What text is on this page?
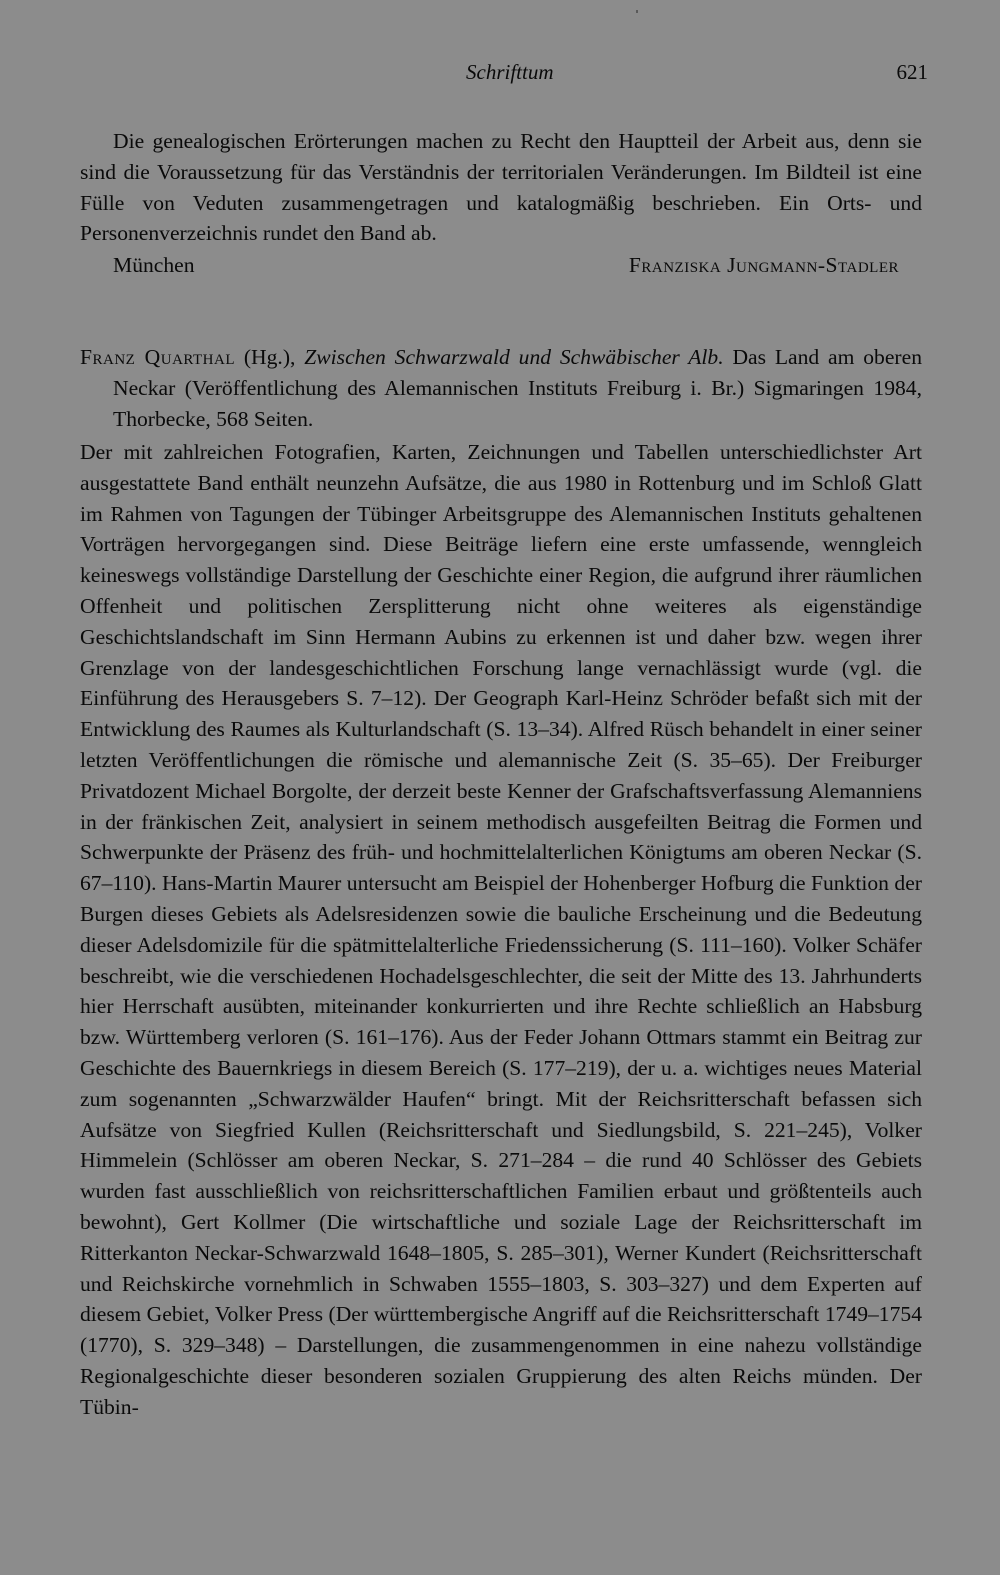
Schrifttum	621

Die genealogischen Erörterungen machen zu Recht den Hauptteil der Arbeit aus, denn sie sind die Voraussetzung für das Verständnis der territorialen Veränderungen. Im Bildteil ist eine Fülle von Veduten zusammengetragen und katalogmäßig beschrieben. Ein Orts- und Personenverzeichnis rundet den Band ab.

München	Franziska Jungmann-Stadler

Franz Quarthal (Hg.), Zwischen Schwarzwald und Schwäbischer Alb. Das Land am oberen Neckar (Veröffentlichung des Alemannischen Instituts Freiburg i. Br.) Sigmaringen 1984, Thorbecke, 568 Seiten.

Der mit zahlreichen Fotografien, Karten, Zeichnungen und Tabellen unterschiedlichster Art ausgestattete Band enthält neunzehn Aufsätze, die aus 1980 in Rottenburg und im Schloß Glatt im Rahmen von Tagungen der Tübinger Arbeitsgruppe des Alemannischen Instituts gehaltenen Vorträgen hervorgegangen sind. Diese Beiträge liefern eine erste umfassende, wenngleich keineswegs vollständige Darstellung der Geschichte einer Region, die aufgrund ihrer räumlichen Offenheit und politischen Zersplitterung nicht ohne weiteres als eigenständige Geschichtslandschaft im Sinn Hermann Aubins zu erkennen ist und daher bzw. wegen ihrer Grenzlage von der landesgeschichtlichen Forschung lange vernachlässigt wurde (vgl. die Einführung des Herausgebers S. 7–12). Der Geograph Karl-Heinz Schröder befaßt sich mit der Entwicklung des Raumes als Kulturlandschaft (S. 13–34). Alfred Rüsch behandelt in einer seiner letzten Veröffentlichungen die römische und alemannische Zeit (S. 35–65). Der Freiburger Privatdozent Michael Borgolte, der derzeit beste Kenner der Grafschaftsverfassung Alemanniens in der fränkischen Zeit, analysiert in seinem methodisch ausgefeilten Beitrag die Formen und Schwerpunkte der Präsenz des früh- und hochmittelalterlichen Königtums am oberen Neckar (S. 67–110). Hans-Martin Maurer untersucht am Beispiel der Hohenberger Hofburg die Funktion der Burgen dieses Gebiets als Adelsresidenzen sowie die bauliche Erscheinung und die Bedeutung dieser Adelsdomizile für die spätmittelalterliche Friedenssicherung (S. 111–160). Volker Schäfer beschreibt, wie die verschiedenen Hochadelsgeschlechter, die seit der Mitte des 13. Jahrhunderts hier Herrschaft ausübten, miteinander konkurrierten und ihre Rechte schließlich an Habsburg bzw. Württemberg verloren (S. 161–176). Aus der Feder Johann Ottmars stammt ein Beitrag zur Geschichte des Bauernkriegs in diesem Bereich (S. 177–219), der u. a. wichtiges neues Material zum sogenannten „Schwarzwälder Haufen“ bringt. Mit der Reichsritterschaft befassen sich Aufsätze von Siegfried Kullen (Reichsritterschaft und Siedlungsbild, S. 221–245), Volker Himmelein (Schlösser am oberen Neckar, S. 271–284 – die rund 40 Schlösser des Gebiets wurden fast ausschließlich von reichsritterschaftlichen Familien erbaut und größtenteils auch bewohnt), Gert Kollmer (Die wirtschaftliche und soziale Lage der Reichsritterschaft im Ritterkanton Neckar-Schwarzwald 1648–1805, S. 285–301), Werner Kundert (Reichsritterschaft und Reichskirche vornehmlich in Schwaben 1555–1803, S. 303–327) und dem Experten auf diesem Gebiet, Volker Press (Der württembergische Angriff auf die Reichsritterschaft 1749–1754 (1770), S. 329–348) – Darstellungen, die zusammengenommen in eine nahezu vollständige Regionalgeschichte dieser besonderen sozialen Gruppierung des alten Reichs münden. Der Tübin-
